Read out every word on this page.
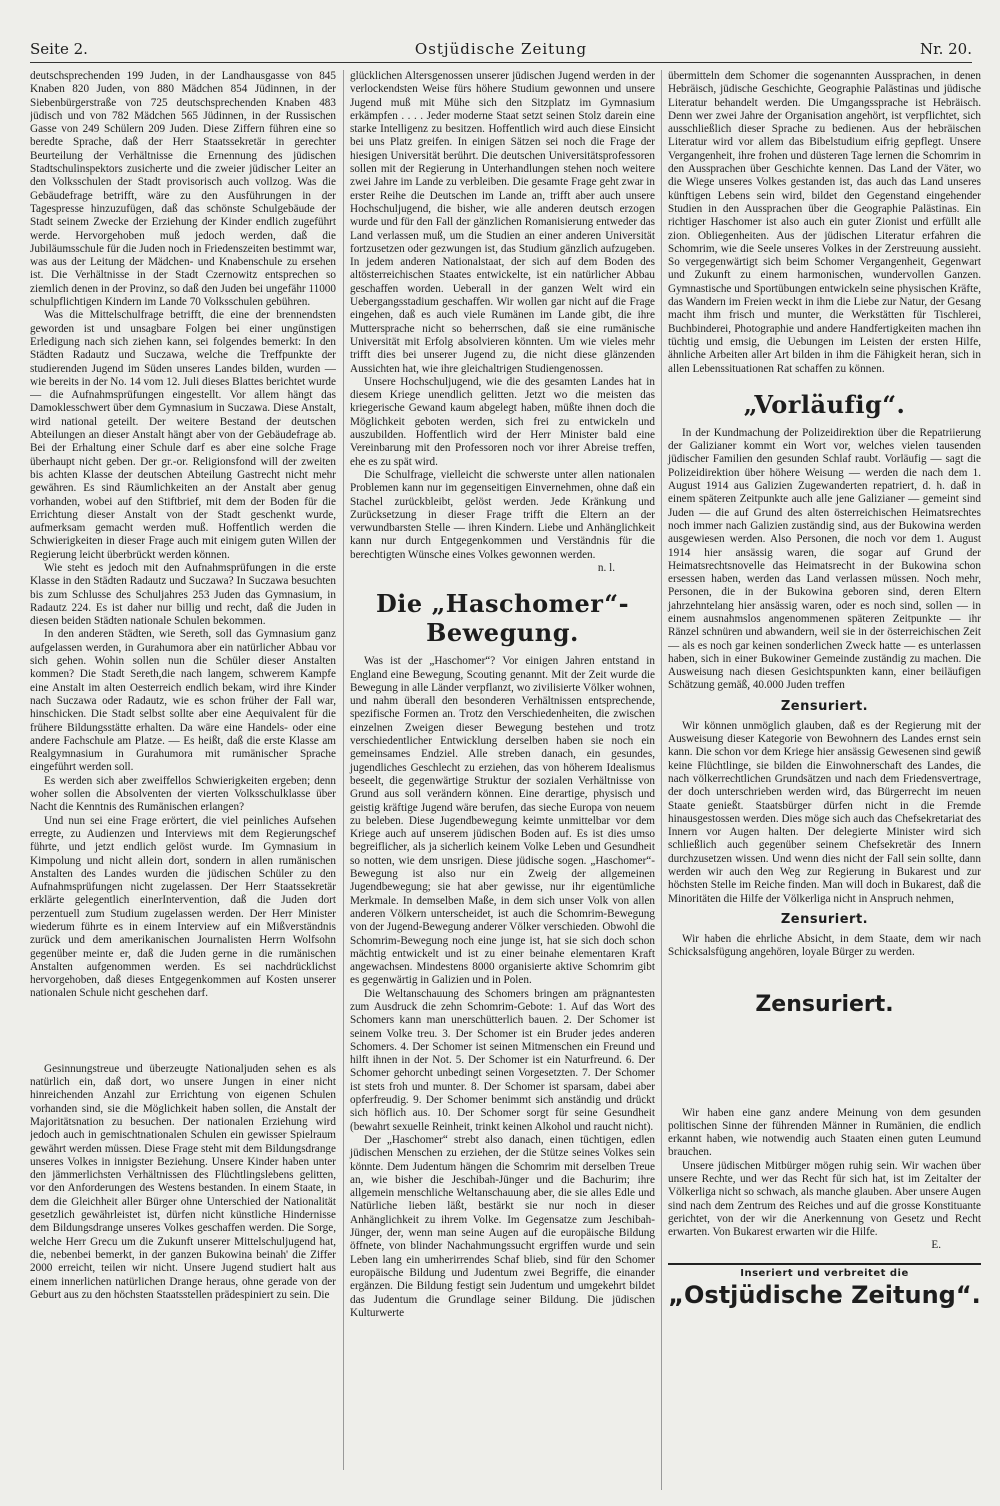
Seite 2.	Ostjüdische Zeitung	Nr. 20.

deutschsprechenden 199 Juden, in der Landhausgasse von 845 Knaben 820 Juden, von 880 Mädchen 854 Jüdinnen, in der Siebenbürgerstraße von 725 deutschsprechenden Knaben 483 jüdisch und von 782 Mädchen 565 Jüdinnen, in der Russischen Gasse von 249 Schülern 209 Juden. Diese Ziffern führen eine so beredte Sprache, daß der Herr Staatssekretär in gerechter Beurteilung der Verhältnisse die Ernennung des jüdischen Stadtschulinspektors zusicherte und die zweier jüdischer Leiter an den Volksschulen der Stadt provisorisch auch vollzog. Was die Gebäudefrage betrifft, wäre zu den Ausführungen in der Tagespresse hinzuzufügen, daß das schönste Schulgebäude der Stadt seinem Zwecke der Erziehung der Kinder endlich zugeführt werde. Hervorgehoben muß jedoch werden, daß die Jubiläumsschule für die Juden noch in Friedenszeiten bestimmt war, was aus der Leitung der Mädchen- und Knabenschule zu ersehen ist. Die Verhältnisse in der Stadt Czernowitz entsprechen so ziemlich denen in der Provinz, so daß den Juden bei ungefähr 11000 schulpflichtigen Kindern im Lande 70 Volksschulen gebühren.

Was die Mittelschulfrage betrifft, die eine der brennendsten geworden ist und unsagbare Folgen bei einer ungünstigen Erledigung nach sich ziehen kann, sei folgendes bemerkt: In den Städten Radautz und Suczawa, welche die Treffpunkte der studierenden Jugend im Süden unseres Landes bilden, wurden — wie bereits in der No. 14 vom 12. Juli dieses Blattes berichtet wurde — die Aufnahmsprüfungen eingestellt. Vor allem hängt das Damoklesschwert über dem Gymnasium in Suczawa. Diese Anstalt, wird national geteilt. Der weitere Bestand der deutschen Abteilungen an dieser Anstalt hängt aber von der Gebäudefrage ab. Bei der Erhaltung einer Schule darf es aber eine solche Frage überhaupt nicht geben. Der gr.-or. Religionsfond will der zweiten bis achten Klasse der deutschen Abteilung Gastrecht nicht mehr gewähren. Es sind Räumlichkeiten an der Anstalt aber genug vorhanden, wobei auf den Stiftbrief, mit dem der Boden für die Errichtung dieser Anstalt von der Stadt geschenkt wurde, aufmerksam gemacht werden muß. Hoffentlich werden die Schwierigkeiten in dieser Frage auch mit einigem guten Willen der Regierung leicht überbrückt werden können.

Wie steht es jedoch mit den Aufnahmsprüfungen in die erste Klasse in den Städten Radautz und Suczawa? In Suczawa besuchten bis zum Schlusse des Schuljahres 253 Juden das Gymnasium, in Radautz 224. Es ist daher nur billig und recht, daß die Juden in diesen beiden Städten nationale Schulen bekommen.

In den anderen Städten, wie Sereth, soll das Gymnasium ganz aufgelassen werden, in Gurahumora aber ein natürlicher Abbau vor sich gehen. Wohin sollen nun die Schüler dieser Anstalten kommen? Die Stadt Sereth,die nach langem, schwerem Kampfe eine Anstalt im alten Oesterreich endlich bekam, wird ihre Kinder nach Suczawa oder Radautz, wie es schon früher der Fall war, hinschicken. Die Stadt selbst sollte aber eine Aequivalent für die frühere Bildungsstätte erhalten. Da wäre eine Handels- oder eine andere Fachschule am Platze. — Es heißt, daß die erste Klasse am Realgymnasium in Gurahumora mit rumänischer Sprache eingeführt werden soll.

Es werden sich aber zweiffellos Schwierigkeiten ergeben; denn woher sollen die Absolventen der vierten Volksschulklasse über Nacht die Kenntnis des Rumänischen erlangen?

Und nun sei eine Frage erörtert, die viel peinliches Aufsehen erregte, zu Audienzen und Interviews mit dem Regierungschef führte, und jetzt endlich gelöst wurde. Im Gymnasium in Kimpolung und nicht allein dort, sondern in allen rumänischen Anstalten des Landes wurden die jüdischen Schüler zu den Aufnahmsprüfungen nicht zugelassen. Der Herr Staatssekretär erklärte gelegentlich einerIntervention, daß die Juden dort perzentuell zum Studium zugelassen werden. Der Herr Minister wiederum führte es in einem Interview auf ein Mißverständnis zurück und dem amerikanischen Journalisten Herrn Wolfsohn gegenüber meinte er, daß die Juden gerne in die rumänischen Anstalten aufgenommen werden. Es sei nachdrücklichst hervorgehoben, daß dieses Entgegenkommen auf Kosten unserer nationalen Schule nicht geschehen darf.

Gesinnungstreue und überzeugte Nationaljuden sehen es als natürlich ein, daß dort, wo unsere Jungen in einer nicht hinreichenden Anzahl zur Errichtung von eigenen Schulen vorhanden sind, sie die Möglichkeit haben sollen, die Anstalt der Majoritätsnation zu besuchen. Der nationalen Erziehung wird jedoch auch in gemischtnationalen Schulen ein gewisser Spielraum gewährt werden müssen. Diese Frage steht mit dem Bildungsdrange unseres Volkes in innigster Beziehung. Unsere Kinder haben unter den jämmerlichsten Verhältnissen des Flüchtlingslebens gelitten, vor den Anforderungen des Westens bestanden. In einem Staate, in dem die Gleichheit aller Bürger ohne Unterschied der Nationalität gesetzlich gewährleistet ist, dürfen nicht künstliche Hindernisse dem Bildungsdrange unseres Volkes geschaffen werden. Die Sorge, welche Herr Grecu um die Zukunft unserer Mittelschuljugend hat, die, nebenbei bemerkt, in der ganzen Bukowina beinah' die Ziffer 2000 erreicht, teilen wir nicht. Unsere Jugend studiert halt aus einem innerlichen natürlichen Drange heraus, ohne gerade von der Geburt aus zu den höchsten Staatsstellen prädespiniert zu sein. Die

glücklichen Altersgenossen unserer jüdischen Jugend werden in der verlockendsten Weise fürs höhere Studium gewonnen und unsere Jugend muß mit Mühe sich den Sitzplatz im Gymnasium erkämpfen . . . . Jeder moderne Staat setzt seinen Stolz darein eine starke Intelligenz zu besitzen. Hoffentlich wird auch diese Einsicht bei uns Platz greifen. In einigen Sätzen sei noch die Frage der hiesigen Universität berührt. Die deutschen Universitätsprofessoren sollen mit der Regierung in Unterhandlungen stehen noch weitere zwei Jahre im Lande zu verbleiben. Die gesamte Frage geht zwar in erster Reihe die Deutschen im Lande an, trifft aber auch unsere Hochschuljugend, die bisher, wie alle anderen deutsch erzogen wurde und für den Fall der gänzlichen Romanisierung entweder das Land verlassen muß, um die Studien an einer anderen Universität fortzusetzen oder gezwungen ist, das Studium gänzlich aufzugeben. In jedem anderen Nationalstaat, der sich auf dem Boden des altösterreichischen Staates entwickelte, ist ein natürlicher Abbau geschaffen worden. Ueberall in der ganzen Welt wird ein Uebergangsstadium geschaffen. Wir wollen gar nicht auf die Frage eingehen, daß es auch viele Rumänen im Lande gibt, die ihre Muttersprache nicht so beherrschen, daß sie eine rumänische Universität mit Erfolg absolvieren könnten. Um wie vieles mehr trifft dies bei unserer Jugend zu, die nicht diese glänzenden Aussichten hat, wie ihre gleichaltrigen Studiengenossen.

Unsere Hochschuljugend, wie die des gesamten Landes hat in diesem Kriege unendlich gelitten. Jetzt wo die meisten das kriegerische Gewand kaum abgelegt haben, müßte ihnen doch die Möglichkeit geboten werden, sich frei zu entwickeln und auszubilden. Hoffentlich wird der Herr Minister bald eine Vereinbarung mit den Professoren noch vor ihrer Abreise treffen, ehe es zu spät wird.

Die Schulfrage, vielleicht die schwerste unter allen nationalen Problemen kann nur im gegenseitigen Einvernehmen, ohne daß ein Stachel zurückbleibt, gelöst werden. Jede Kränkung und Zurücksetzung in dieser Frage trifft die Eltern an der verwundbarsten Stelle — ihren Kindern. Liebe und Anhänglichkeit kann nur durch Entgegenkommen und Verständnis für die berechtigten Wünsche eines Volkes gewonnen werden.

n. l.
Die „Haschomer“-Bewegung.

Was ist der „Haschomer“? Vor einigen Jahren entstand in England eine Bewegung, Scouting genannt. Mit der Zeit wurde die Bewegung in alle Länder verpflanzt, wo zivilisierte Völker wohnen, und nahm überall den besonderen Verhältnissen entsprechende, spezifische Formen an. Trotz den Verschiedenheiten, die zwischen einzelnen Zweigen dieser Bewegung bestehen und trotz verschiedentlicher Entwicklung derselben haben sie noch ein gemeinsames Endziel. Alle streben danach, ein gesundes, jugendliches Geschlecht zu erziehen, das von höherem Idealismus beseelt, die gegenwärtige Struktur der sozialen Verhältnisse von Grund aus soll verändern können. Eine derartige, physisch und geistig kräftige Jugend wäre berufen, das sieche Europa von neuem zu beleben. Diese Jugendbewegung keimte unmittelbar vor dem Kriege auch auf unserem jüdischen Boden auf. Es ist dies umso begreiflicher, als ja sicherlich keinem Volke Leben und Gesundheit so notten, wie dem unsrigen. Diese jüdische sogen. „Haschomer“-Bewegung ist also nur ein Zweig der allgemeinen Jugendbewegung; sie hat aber gewisse, nur ihr eigentümliche Merkmale. In demselben Maße, in dem sich unser Volk von allen anderen Völkern unterscheidet, ist auch die Schomrim-Bewegung von der Jugend-Bewegung anderer Völker verschieden. Obwohl die Schomrim-Bewegung noch eine junge ist, hat sie sich doch schon mächtig entwickelt und ist zu einer beinahe elementaren Kraft angewachsen. Mindestens 8000 organisierte aktive Schomrim gibt es gegenwärtig in Galizien und in Polen.

Die Weltanschauung des Schomers bringen am prägnantesten zum Ausdruck die zehn Schomrim-Gebote: 1. Auf das Wort des Schomers kann man unerschütterlich bauen. 2. Der Schomer ist seinem Volke treu. 3. Der Schomer ist ein Bruder jedes anderen Schomers. 4. Der Schomer ist seinen Mitmenschen ein Freund und hilft ihnen in der Not. 5. Der Schomer ist ein Naturfreund. 6. Der Schomer gehorcht unbedingt seinen Vorgesetzten. 7. Der Schomer ist stets froh und munter. 8. Der Schomer ist sparsam, dabei aber opferfreudig. 9. Der Schomer benimmt sich anständig und drückt sich höflich aus. 10. Der Schomer sorgt für seine Gesundheit (bewahrt sexuelle Reinheit, trinkt keinen Alkohol und raucht nicht).

Der „Haschomer“ strebt also danach, einen tüchtigen, edlen jüdischen Menschen zu erziehen, der die Stütze seines Volkes sein könnte. Dem Judentum hängen die Schomrim mit derselben Treue an, wie bisher die Jeschibah-Jünger und die Bachurim; ihre allgemein menschliche Weltanschauung aber, die sie alles Edle und Natürliche lieben läßt, bestärkt sie nur noch in dieser Anhänglichkeit zu ihrem Volke. Im Gegensatze zum Jeschibah-Jünger, der, wenn man seine Augen auf die europäische Bildung öffnete, von blinder Nachahmungssucht ergriffen wurde und sein Leben lang ein umherirrendes Schaf blieb, sind für den Schomer europäische Bildung und Judentum zwei Begriffe, die einander ergänzen. Die Bildung festigt sein Judentum und umgekehrt bildet das Judentum die Grundlage seiner Bildung. Die jüdischen Kulturwerte

übermitteln dem Schomer die sogenannten Aussprachen, in denen Hebräisch, jüdische Geschichte, Geographie Palästinas und jüdische Literatur behandelt werden. Die Umgangssprache ist Hebräisch. Denn wer zwei Jahre der Organisation angehört, ist verpflichtet, sich ausschließlich dieser Sprache zu bedienen. Aus der hebräischen Literatur wird vor allem das Bibelstudium eifrig gepflegt. Unsere Vergangenheit, ihre frohen und düsteren Tage lernen die Schomrim in den Aussprachen über Geschichte kennen. Das Land der Väter, wo die Wiege unseres Volkes gestanden ist, das auch das Land unseres künftigen Lebens sein wird, bildet den Gegenstand eingehender Studien in den Aussprachen über die Geographie Palästinas. Ein richtiger Haschomer ist also auch ein guter Zionist und erfüllt alle zion. Obliegenheiten. Aus der jüdischen Literatur erfahren die Schomrim, wie die Seele unseres Volkes in der Zerstreuung aussieht. So vergegenwärtigt sich beim Schomer Vergangenheit, Gegenwart und Zukunft zu einem harmonischen, wundervollen Ganzen. Gymnastische und Sportübungen entwickeln seine physischen Kräfte, das Wandern im Freien weckt in ihm die Liebe zur Natur, der Gesang macht ihm frisch und munter, die Werkstätten für Tischlerei, Buchbinderei, Photographie und andere Handfertigkeiten machen ihn tüchtig und emsig, die Uebungen im Leisten der ersten Hilfe, ähnliche Arbeiten aller Art bilden in ihm die Fähigkeit heran, sich in allen Lebenssituationen Rat schaffen zu können.

„Vorläufig“.

In der Kundmachung der Polizeidirektion über die Repatriierung der Galizianer kommt ein Wort vor, welches vielen tausenden jüdischer Familien den gesunden Schlaf raubt. Vorläufig — sagt die Polizeidirektion über höhere Weisung — werden die nach dem 1. August 1914 aus Galizien Zugewanderten repatriert, d. h. daß in einem späteren Zeitpunkte auch alle jene Galizianer — gemeint sind Juden — die auf Grund des alten österreichischen Heimatsrechtes noch immer nach Galizien zuständig sind, aus der Bukowina werden ausgewiesen werden. Also Personen, die noch vor dem 1. August 1914 hier ansässig waren, die sogar auf Grund der Heimatsrechtsnovelle das Heimatsrecht in der Bukowina schon ersessen haben, werden das Land verlassen müssen. Noch mehr, Personen, die in der Bukowina geboren sind, deren Eltern jahrzehntelang hier ansässig waren, oder es noch sind, sollen — in einem ausnahmslos angenommenen späteren Zeitpunkte — ihr Ränzel schnüren und abwandern, weil sie in der österreichischen Zeit — als es noch gar keinen sonderlichen Zweck hatte — es unterlassen haben, sich in einer Bukowiner Gemeinde zuständig zu machen. Die Ausweisung nach diesen Gesichtspunkten kann, einer beiläufigen Schätzung gemäß, 40.000 Juden treffen

Zensuriert.

Wir können unmöglich glauben, daß es der Regierung mit der Ausweisung dieser Kategorie von Bewohnern des Landes ernst sein kann. Die schon vor dem Kriege hier ansässig Gewesenen sind gewiß keine Flüchtlinge, sie bilden die Einwohnerschaft des Landes, die nach völkerrechtlichen Grundsätzen und nach dem Friedensvertrage, der doch unterschrieben werden wird, das Bürgerrecht im neuen Staate genießt. Staatsbürger dürfen nicht in die Fremde hinausgestossen werden. Dies möge sich auch das Chefsekretariat des Innern vor Augen halten. Der delegierte Minister wird sich schließlich auch gegenüber seinem Chefsekretär des Innern durchzusetzen wissen. Und wenn dies nicht der Fall sein sollte, dann werden wir auch den Weg zur Regierung in Bukarest und zur höchsten Stelle im Reiche finden. Man will doch in Bukarest, daß die Minoritäten die Hilfe der Völkerliga nicht in Anspruch nehmen,

Zensuriert.

Wir haben die ehrliche Absicht, in dem Staate, dem wir nach Schicksalsfügung angehören, loyale Bürger zu werden.

Zensuriert.

Wir haben eine ganz andere Meinung von dem gesunden politischen Sinne der führenden Männer in Rumänien, die endlich erkannt haben, wie notwendig auch Staaten einen guten Leumund brauchen.

Unsere jüdischen Mitbürger mögen ruhig sein. Wir wachen über unsere Rechte, und wer das Recht für sich hat, ist im Zeitalter der Völkerliga nicht so schwach, als manche glauben. Aber unsere Augen sind nach dem Zentrum des Reiches und auf die grosse Konstituante gerichtet, von der wir die Anerkennung von Gesetz und Recht erwarten. Von Bukarest erwarten wir die Hilfe.

E.
Inseriert und verbreitet die
„Ostjüdische Zeitung“.
